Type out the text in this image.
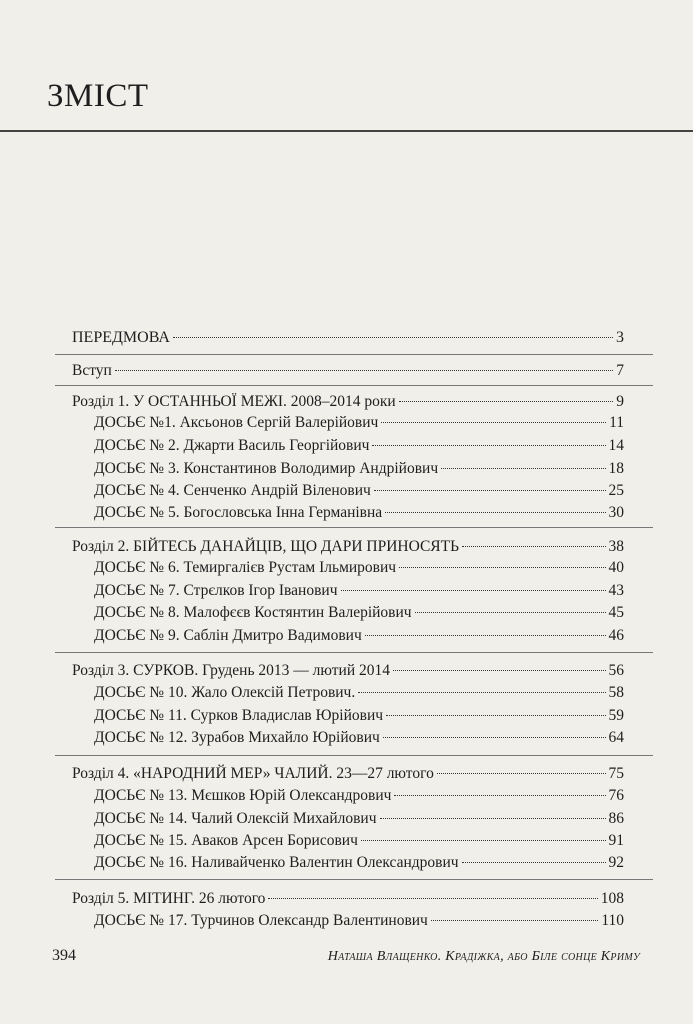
ЗМІСТ
ПЕРЕДМОВА	3
Вступ	7
Розділ 1. У ОСТАННЬОЇ МЕЖІ. 2008–2014 роки	9
ДОСЬЄ №1. Аксьонов Сергій Валерійович	11
ДОСЬЄ № 2. Джарти Василь Георгійович	14
ДОСЬЄ № 3. Константинов Володимир Андрійович	18
ДОСЬЄ № 4. Сенченко Андрій Віленович	25
ДОСЬЄ № 5. Богословська Інна Германівна	30
Розділ 2. БІЙТЕСЬ ДАНАЙЦІВ, ЩО ДАРИ ПРИНОСЯТЬ	38
ДОСЬЄ № 6. Темиргалієв Рустам Ільмирович	40
ДОСЬЄ № 7. Стрєлков Ігор Іванович	43
ДОСЬЄ № 8. Малофєєв Костянтин Валерійович	45
ДОСЬЄ № 9. Саблін Дмитро Вадимович	46
Розділ 3. СУРКОВ. Грудень 2013 — лютий 2014	56
ДОСЬЄ № 10. Жало Олексій Петрович.	58
ДОСЬЄ № 11. Сурков Владислав Юрійович	59
ДОСЬЄ № 12. Зурабов Михайло Юрійович	64
Розділ 4. «НАРОДНИЙ МЕР» ЧАЛИЙ. 23—27 лютого	75
ДОСЬЄ № 13. Мєшков Юрій Олександрович	76
ДОСЬЄ № 14. Чалий Олексій Михайлович	86
ДОСЬЄ № 15. Аваков Арсен Борисович	91
ДОСЬЄ № 16. Наливайченко Валентин Олександрович	92
Розділ 5. МІТИНГ. 26 лютого	108
ДОСЬЄ № 17. Турчинов Олександр Валентинович	110
394	Наташа Влащенко. Крадіжка, або Біле сонце Криму
